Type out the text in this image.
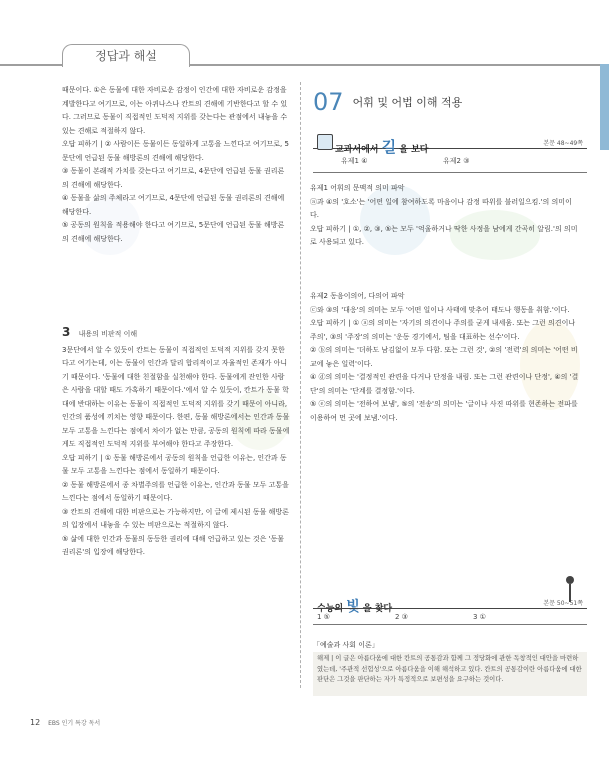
정답과 해설

때문이다. ①은 동물에 대한 자비로운 감정이 인간에 대한 자비로운 감정을 계발한다고 여기므로, 이는 아퀴나스나 칸트의 견해에 기반한다고 할 수 있다. 그러므로 동물이 직접적인 도덕적 지위를 갖는다는 관점에서 내놓을 수 있는 견해로 적절하지 않다.

오답 피하기 | ② 사람이든 동물이든 동일하게 고통을 느낀다고 여기므로, 5문단에 언급된 동물 해방론의 견해에 해당한다.

③ 동물이 본래적 가치를 갖는다고 여기므로, 4문단에 언급된 동물 권리론의 견해에 해당한다.

④ 동물을 삶의 주체라고 여기므로, 4문단에 언급된 동물 권리론의 견해에 해당한다.

⑤ 공동의 원칙을 적용해야 한다고 여기므로, 5문단에 언급된 동물 해방론의 견해에 해당한다.

3 내용의 비판적 이해

3문단에서 알 수 있듯이 칸트는 동물이 직접적인 도덕적 지위를 갖지 못한다고 여기는데, 이는 동물이 인간과 달리 합리적이고 자율적인 존재가 아니기 때문이다. '동물에 대한 친절함을 실천해야 한다. 동물에게 잔인한 사람은 사람을 대할 때도 가혹하기 때문이다.'에서 알 수 있듯이, 칸트가 동물 학대에 반대하는 이유는 동물이 직접적인 도덕적 지위를 갖기 때문이 아니라, 인간의 품성에 끼치는 영향 때문이다. 한편, 동물 해방론에서는 인간과 동물 모두 고통을 느낀다는 점에서 차이가 없는 만큼, 공동의 원칙에 따라 동물에게도 직접적인 도덕적 지위를 부여해야 한다고 주장한다.

오답 피하기 | ① 동물 해방론에서 공동의 원칙을 언급한 이유는, 인간과 동물 모두 고통을 느낀다는 점에서 동일하기 때문이다.

② 동물 해방론에서 종 차별주의를 언급한 이유는, 인간과 동물 모두 고통을 느낀다는 점에서 동일하기 때문이다.

③ 칸트의 견해에 대한 비판으로는 가능하지만, 이 글에 제시된 동물 해방론의 입장에서 내놓을 수 있는 비판으로는 적절하지 않다.

⑤ 삶에 대한 인간과 동물의 동등한 권리에 대해 언급하고 있는 것은 '동물 권리론'의 입장에 해당한다.

07 어휘 및 어법 이해 적용
교과서에서 길 을 보다
본문 48~49쪽
유제1 ④	유제2 ③

유제1 어휘의 문맥적 의미 파악

ⓐ과 ④의 '호소'는 '어떤 일에 참여하도록 마음이나 감정 따위를 불러일으킴.'의 의미이다.

오답 피하기 | ①, ②, ③, ⑤는 모두 '억울하거나 딱한 사정을 남에게 간곡히 알림.'의 의미로 사용되고 있다.

유제2 동음이의어, 다의어 파악

ⓒ와 ③의 '대응'의 의미는 모두 '어떤 일이나 사태에 맞추어 태도나 행동을 취함.'이다.

오답 피하기 | ① ⓐ의 의미는 '자기의 의견이나 주의를 굳게 내세움. 또는 그런 의견이나 주의', ③의 '주장'의 의미는 '운동 경기에서, 팀을 대표하는 선수'이다.

② ⓑ의 의미는 '더하도 남김없이 모두 다함. 또는 그런 것', ②의 '전력'의 의미는 '어떤 비교에 놓은 일력'이다.

④ ⓓ의 의미는 '결정적인 관련을 다거나 단정을 내림. 또는 그런 관련이나 단정', ④의 '결단'의 의미는 '단계를 결정함.'이다.

⑤ ⓔ의 의미는 '전하여 보냄', ⑤의 '전송'의 의미는 '글이나 사진 따위를 현존하는 전파를 이용하여 먼 곳에 보냄.'이다.

수능의 빛 을 찾다
본문 50~51쪽
1 ⑤	2 ③	3 ①
「예술과 사회 이론」
해제 | 이 글은 아름다움에 대한 칸트의 공통감과 함께 그 정당화에 관한 독창적인 대안을 마련하였는데, '주관적 선험성'으로 아름다움을 이해 해석하고 있다. 칸트의 공통감이란 아름다움에 대한 판단은 그것을 판단하는 자가 특정적으로 보편성을 요구하는 것이다.
12 EBS 인기 특강 독서
